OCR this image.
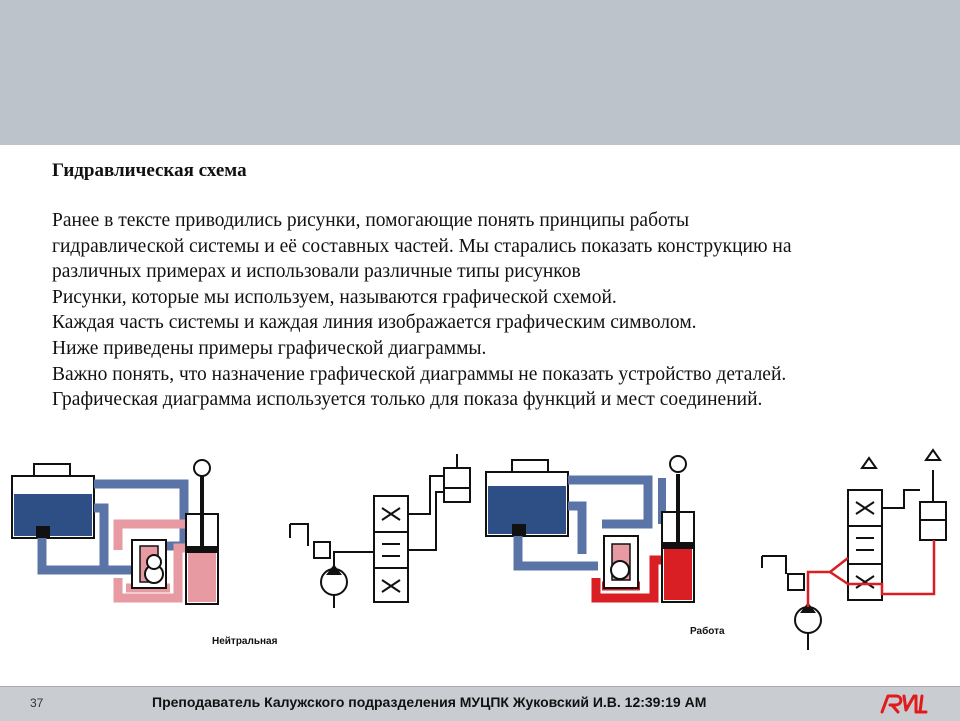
Гидравлическая схема
Ранее в тексте приводились рисунки, помогающие понять принципы работы
гидравлической системы и её составных частей. Мы старались показать конструкцию на
различных примерах и использовали различные типы рисунков
Рисунки, которые мы используем, называются графической схемой.
Каждая часть системы и каждая линия изображается графическим символом.
Ниже приведены примеры графической диаграммы.
Важно понять, что назначение графической диаграммы не показать устройство деталей.
Графическая диаграмма используется только для показа функций и мест соединений.
Нейтральная
Работа
37	Преподаватель Калужского подразделения МУЦПК Жуковский И.В. 12:39:19 AM
